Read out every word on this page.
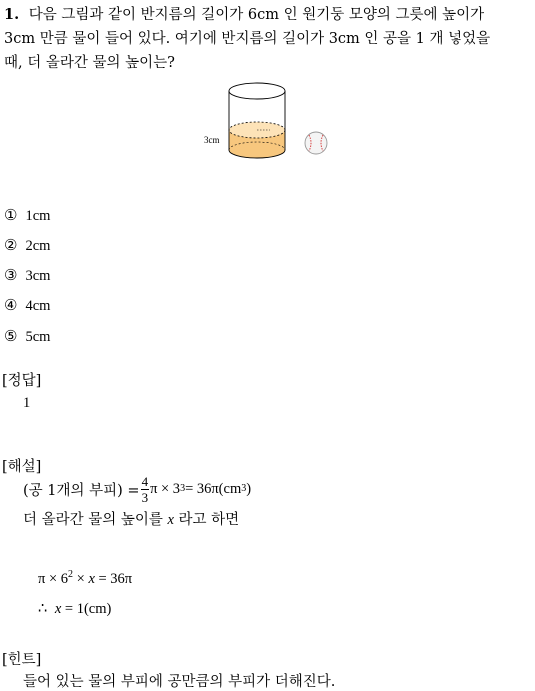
1. 다음 그림과 같이 반지름의 길이가 6cm 인 원기둥 모양의 그릇에 높이가
3cm 만큼 물이 들어 있다. 여기에 반지름의 길이가 3cm 인 공을 1 개 넣었을
때, 더 올라간 물의 높이는?
3cm
① 1cm
② 2cm
③ 3cm
④ 4cm
⑤ 5cm
[정답]
1
[해설]
(공 1개의 부피) = $\frac{4}{3}$ π × 3 3 = 36π(cm 3 )
더 올라간 물의 높이를 x 라고 하면
$\pi \times 6^2 \times x = 36\pi$
∴ x = 1(cm)
[힌트]
들어 있는 물의 부피에 공만큼의 부피가 더해진다.
